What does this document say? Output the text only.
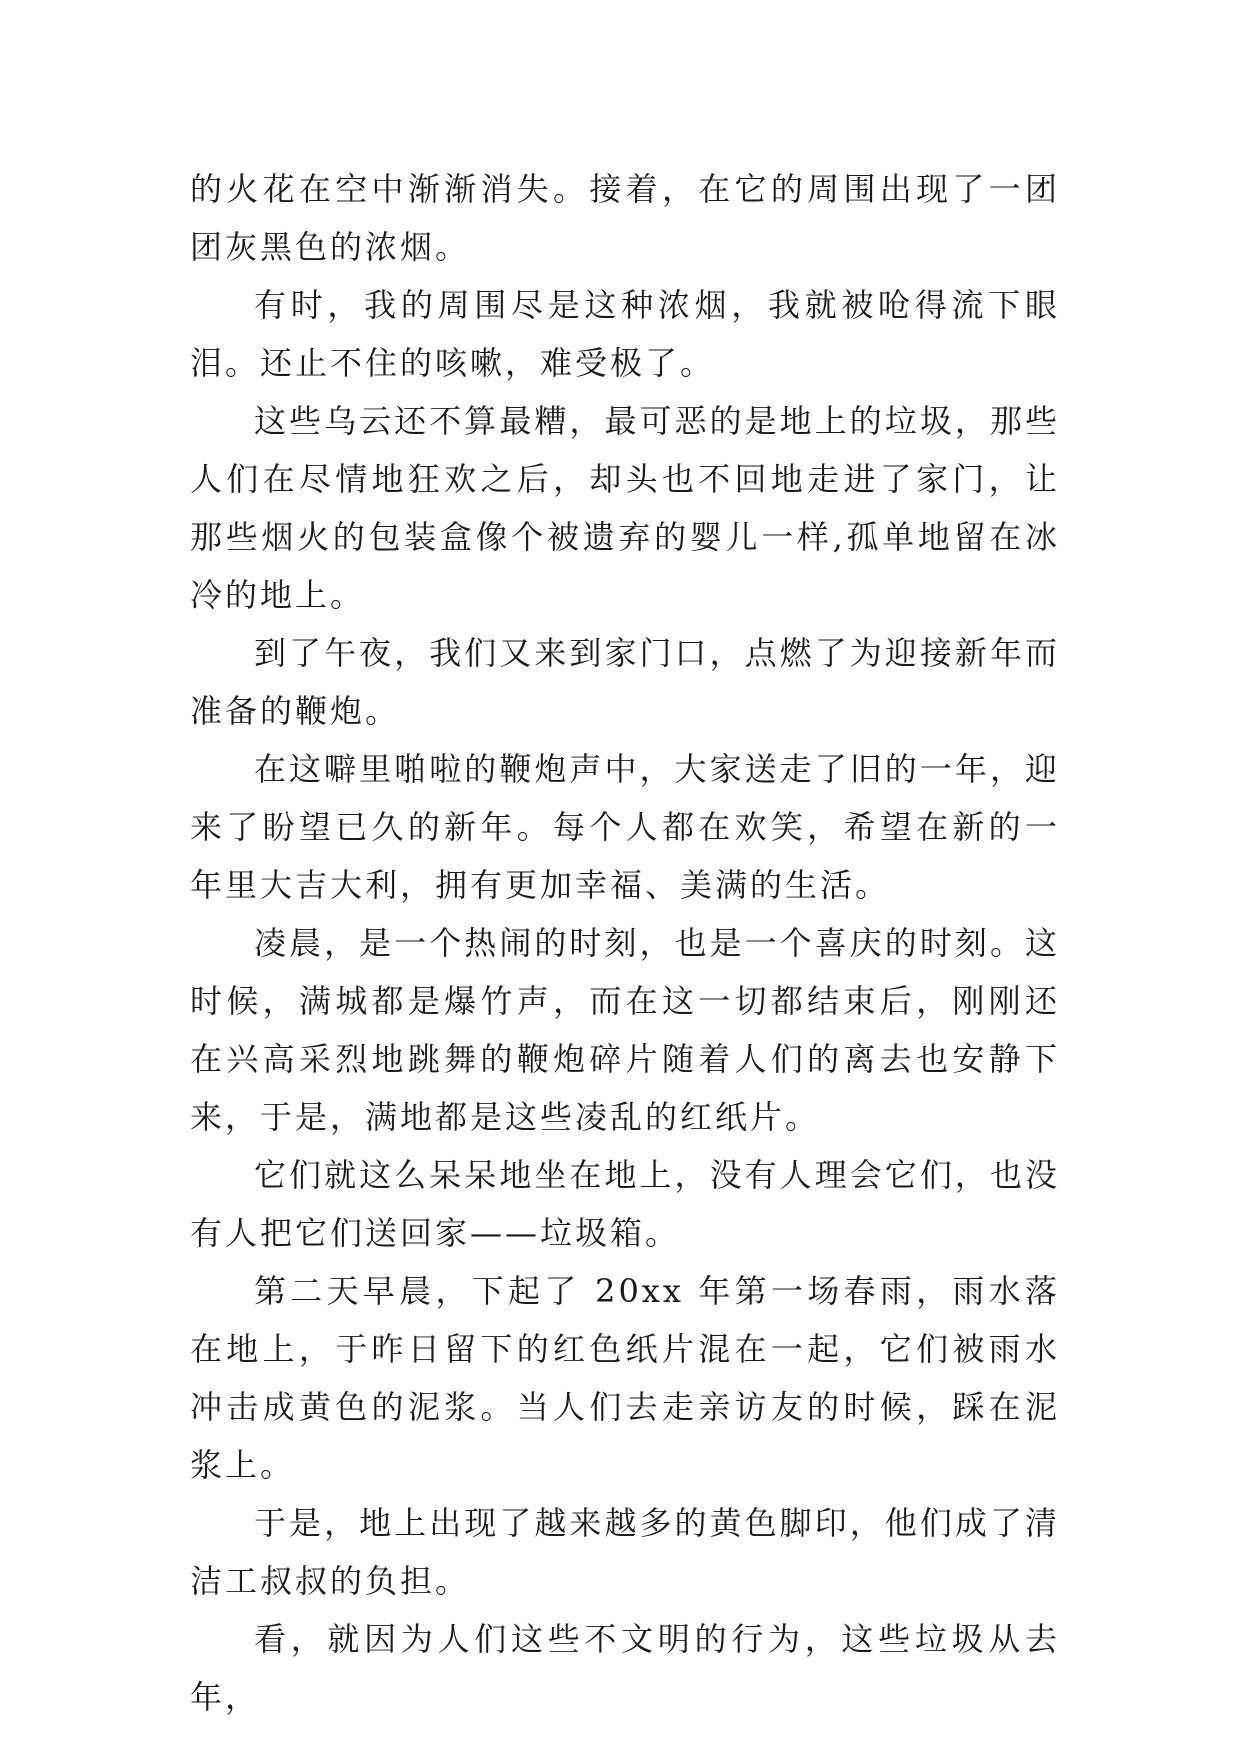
的火花在空中渐渐消失。接着，在它的周围出现了一团团灰黑色的浓烟。

有时，我的周围尽是这种浓烟，我就被呛得流下眼泪。还止不住的咳嗽，难受极了。

这些乌云还不算最糟，最可恶的是地上的垃圾，那些人们在尽情地狂欢之后，却头也不回地走进了家门，让那些烟火的包装盒像个被遗弃的婴儿一样,孤单地留在冰冷的地上。

到了午夜，我们又来到家门口，点燃了为迎接新年而准备的鞭炮。

在这噼里啪啦的鞭炮声中，大家送走了旧的一年，迎来了盼望已久的新年。每个人都在欢笑，希望在新的一年里大吉大利，拥有更加幸福、美满的生活。

凌晨，是一个热闹的时刻，也是一个喜庆的时刻。这时候，满城都是爆竹声，而在这一切都结束后，刚刚还在兴高采烈地跳舞的鞭炮碎片随着人们的离去也安静下来，于是，满地都是这些凌乱的红纸片。

它们就这么呆呆地坐在地上，没有人理会它们，也没有人把它们送回家——垃圾箱。

第二天早晨，下起了 20xx 年第一场春雨，雨水落在地上，于昨日留下的红色纸片混在一起，它们被雨水冲击成黄色的泥浆。当人们去走亲访友的时候，踩在泥浆上。

于是，地上出现了越来越多的黄色脚印，他们成了清洁工叔叔的负担。

看，就因为人们这些不文明的行为，这些垃圾从去年，
